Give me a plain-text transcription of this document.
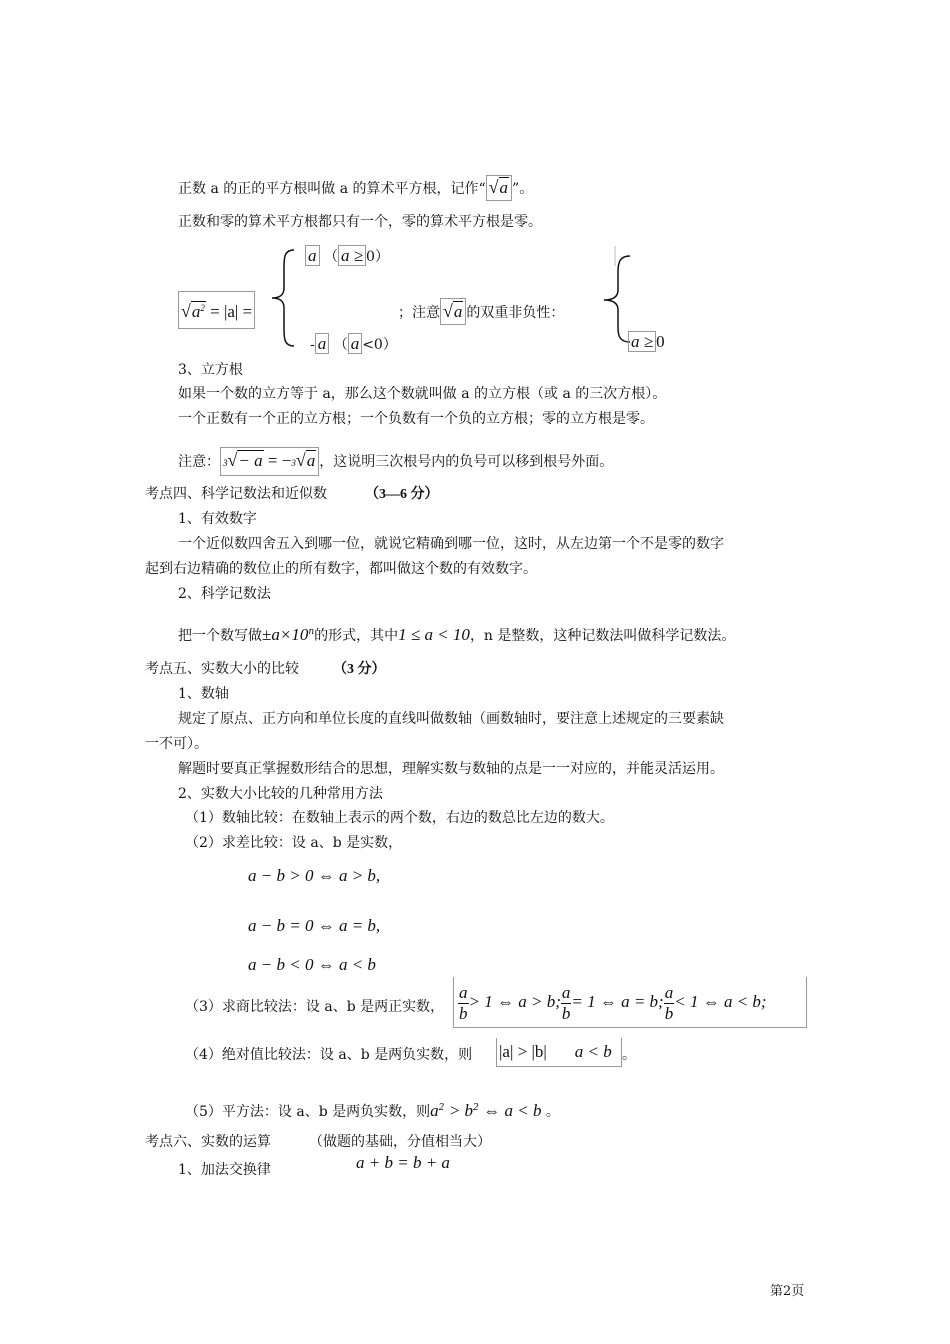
正数 a 的正的平方根叫做 a 的算术平方根，记作“ √a ”。
正数和零的算术平方根都只有一个，零的算术平方根是零。
$√a^2 = |a|$ =
a （ a ≥ 0）
- a （ a <0）
；注意 √a 的双重非负性：
a ≥ 0
3、立方根
如果一个数的立方等于 a，那么这个数就叫做 a 的立方根（或 a 的三次方根）。
一个正数有一个正的立方根；一个负数有一个负的立方根；零的立方根是零。
注意： 3√− a = −3√a ，这说明三次根号内的负号可以移到根号外面。
考点四、科学记数法和近似数	（3—6 分）
1、有效数字
一个近似数四舍五入到哪一位，就说它精确到哪一位，这时，从左边第一个不是零的数字
起到右边精确的数位止的所有数字，都叫做这个数的有效数字。
2、科学记数法
把一个数写做$\pm a\times 10^n$的形式，其中1 ≤ a < 10，n 是整数，这种记数法叫做科学记数法。
考点五、实数大小的比较 （3 分）
1、数轴
规定了原点、正方向和单位长度的直线叫做数轴（画数轴时，要注意上述规定的三要素缺
一不可）。
解题时要真正掌握数形结合的思想，理解实数与数轴的点是一一对应的，并能灵活运用。
2、实数大小比较的几种常用方法
（1）数轴比较：在数轴上表示的两个数，右边的数总比左边的数大。
（2）求差比较：设 a、b 是实数，
a − b > 0 ⇔ a > b,
a − b = 0 ⇔ a = b,
a − b < 0 ⇔ a < b
（3）求商比较法：设 a、b 是两正实数， $\frac{a}{b} > 1$ ⇔ a > b; $\frac{a}{b} = 1$ ⇔ a = b; $\frac{a}{b} < 1$ ⇔ a < b;
（4）绝对值比较法：设 a、b 是两负实数，则 |a| > |b| a < b 。
（5）平方法：设 a、b 是两负实数，则$a^2 > b^2$ ⇔ a < b 。
考点六、实数的运算	（做题的基础，分值相当大）
1、加法交换律	a + b = b + a
第2页
